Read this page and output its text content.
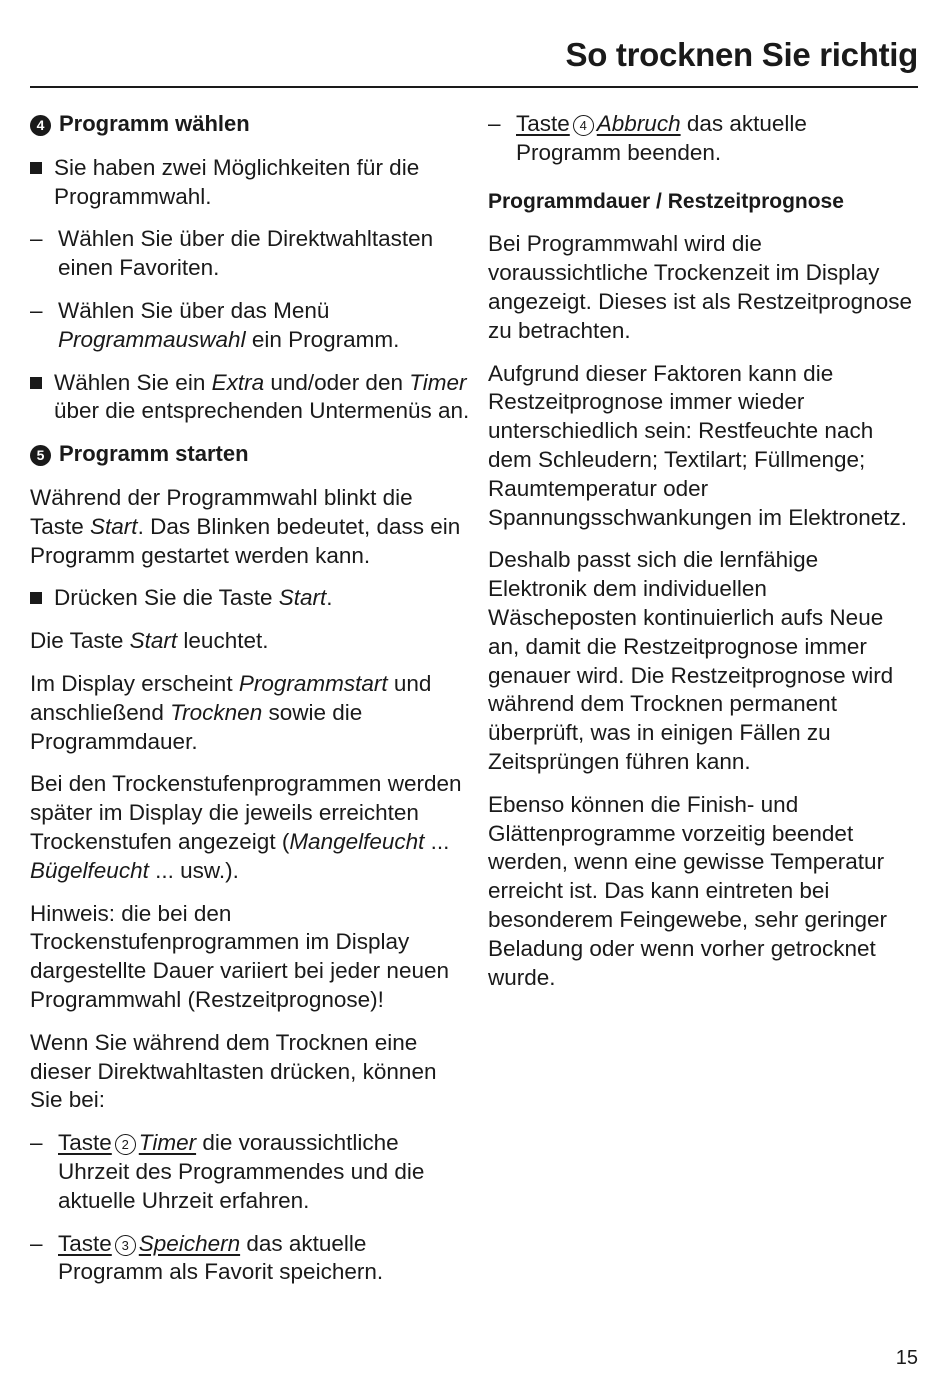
So trocknen Sie richtig
4 Programm wählen
Sie haben zwei Möglichkeiten für die Programmwahl.
– Wählen Sie über die Direktwahltasten einen Favoriten.
– Wählen Sie über das Menü Programmauswahl ein Programm.
Wählen Sie ein Extra und/oder den Timer über die entsprechenden Untermenüs an.
5 Programm starten
Während der Programmwahl blinkt die Taste Start. Das Blinken bedeutet, dass ein Programm gestartet werden kann.
Drücken Sie die Taste Start.
Die Taste Start leuchtet.
Im Display erscheint Programmstart und anschließend Trocknen sowie die Programmdauer.
Bei den Trockenstufenprogrammen werden später im Display die jeweils erreichten Trockenstufen angezeigt (Mangelfeucht ... Bügelfeucht ... usw.).
Hinweis: die bei den Trockenstufenprogrammen im Display dargestellte Dauer variiert bei jeder neuen Programmwahl (Restzeitprognose)!
Wenn Sie während dem Trocknen eine dieser Direktwahltasten drücken, können Sie bei:
– Taste 2 Timer die voraussichtliche Uhrzeit des Programmendes und die aktuelle Uhrzeit erfahren.
– Taste 3 Speichern das aktuelle Programm als Favorit speichern.
– Taste 4 Abbruch das aktuelle Programm beenden.
Programmdauer / Restzeitprognose
Bei Programmwahl wird die voraussichtliche Trockenzeit im Display angezeigt. Dieses ist als Restzeitprognose zu betrachten.
Aufgrund dieser Faktoren kann die Restzeitprognose immer wieder unterschiedlich sein: Restfeuchte nach dem Schleudern; Textilart; Füllmenge; Raumtemperatur oder Spannungsschwankungen im Elektronetz.
Deshalb passt sich die lernfähige Elektronik dem individuellen Wäscheposten kontinuierlich aufs Neue an, damit die Restzeitprognose immer genauer wird. Die Restzeitprognose wird während dem Trocknen permanent überprüft, was in einigen Fällen zu Zeitsprüngen führen kann.
Ebenso können die Finish- und Glättenprogramme vorzeitig beendet werden, wenn eine gewisse Temperatur erreicht ist. Das kann eintreten bei besonderem Feingewebe, sehr geringer Beladung oder wenn vorher getrocknet wurde.
15
